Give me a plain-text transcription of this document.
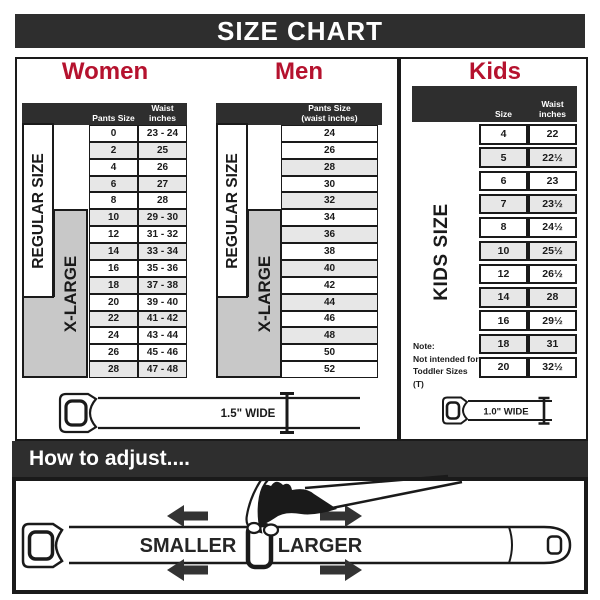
SIZE CHART
Women	Men	Kids
Pants Size
Waist
inches
Pants Size
(waist inches)	Size
Waist
inches
REGULAR SIZE
X-LARGE
REGULAR SIZE
X-LARGE	KIDS SIZE
Note:
Not intended for
Toddler Sizes (T)
0	23 - 24
2	25
4	26
6	27
8	28
10	29 - 30
12	31 - 32
14	33 - 34
16	35 - 36
18	37 - 38
20	39 - 40
22	41 - 42
24	43 - 44
26	45 - 46
28	47 - 48
24
26
28
30
32
34
36
38
40
42
44
46
48
50
52
4	22
5	22½
6	23
7	23½
8	24½
10	25½
12	26½
14	28
16	29½
18	31
20	32½
1.5" WIDE	1.0" WIDE
How to adjust....
SMALLER LARGER
